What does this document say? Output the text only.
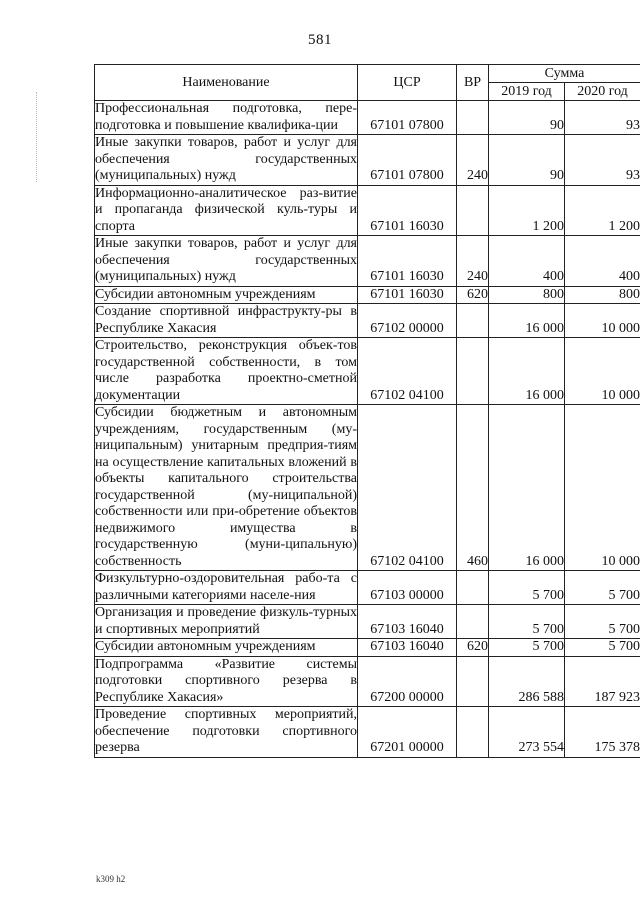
581
Наименование	ЦСР	ВР	Сумма	
			2019 год	2020 год
Профессиональная подготовка, пере-подготовка и повышение квалифика-ции	67101 07800		90	93
Иные закупки товаров, работ и услуг для обеспечения государственных (муниципальных) нужд	67101 07800	240	90	93
Информационно-аналитическое раз-витие и пропаганда физической куль-туры и спорта	67101 16030		1 200	1 200
Иные закупки товаров, работ и услуг для обеспечения государственных (муниципальных) нужд	67101 16030	240	400	400
Субсидии автономным учреждениям	67101 16030	620	800	800
Создание спортивной инфраструкту-ры в Республике Хакасия	67102 00000		16 000	10 000
Строительство, реконструкция объек-тов государственной собственности, в том числе разработка проектно-сметной документации	67102 04100		16 000	10 000
Субсидии бюджетным и автономным учреждениям, государственным (му-ниципальным) унитарным предприя-тиям на осуществление капитальных вложений в объекты капитального строительства государственной (му-ниципальной) собственности или при-обретение объектов недвижимого имущества в государственную (муни-ципальную) собственность	67102 04100	460	16 000	10 000
Физкультурно-оздоровительная рабо-та с различными категориями населе-ния	67103 00000		5 700	5 700
Организация и проведение физкуль-турных и спортивных мероприятий	67103 16040		5 700	5 700
Субсидии автономным учреждениям	67103 16040	620	5 700	5 700
Подпрограмма «Развитие системы подготовки спортивного резерва в Республике Хакасия»	67200 00000		286 588	187 923
Проведение спортивных мероприятий, обеспечение подготовки спортивного резерва	67201 00000		273 554	175 378
k309 h2
